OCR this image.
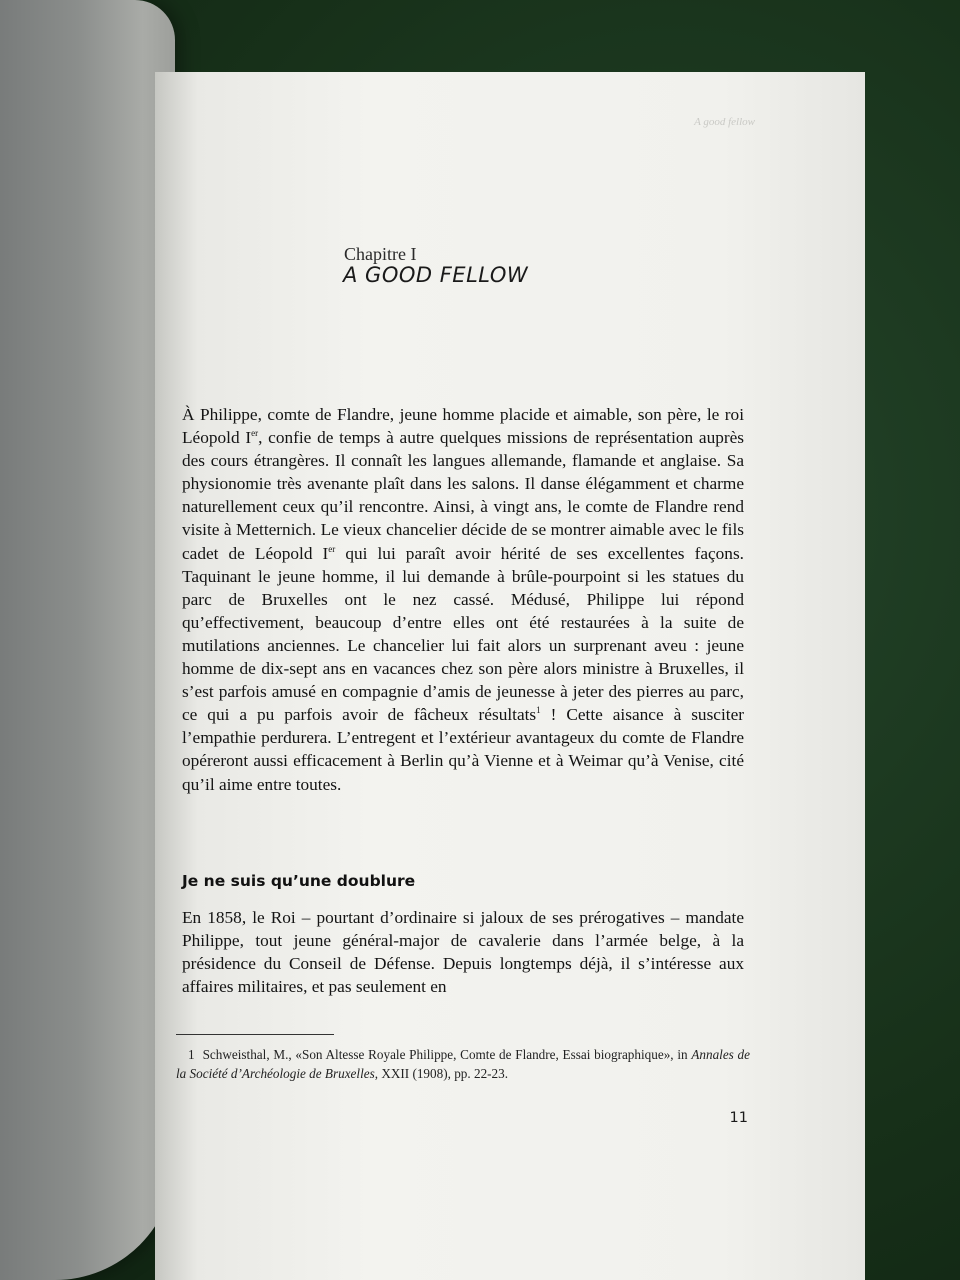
A good fellow
Chapitre I
A GOOD FELLOW

À Philippe, comte de Flandre, jeune homme placide et aimable, son père, le roi Léopold Ier, confie de temps à autre quelques missions de représentation auprès des cours étrangères. Il connaît les langues allemande, flamande et anglaise. Sa physionomie très avenante plaît dans les salons. Il danse élégamment et charme naturellement ceux qu’il rencontre. Ainsi, à vingt ans, le comte de Flandre rend visite à Metternich. Le vieux chancelier décide de se montrer aimable avec le fils cadet de Léopold Ier qui lui paraît avoir hérité de ses excellentes façons. Taquinant le jeune homme, il lui demande à brûle-pourpoint si les statues du parc de Bruxelles ont le nez cassé. Médusé, Philippe lui répond qu’effectivement, beaucoup d’entre elles ont été restaurées à la suite de mutilations anciennes. Le chancelier lui fait alors un surprenant aveu : jeune homme de dix-sept ans en vacances chez son père alors ministre à Bruxelles, il s’est parfois amusé en compagnie d’amis de jeunesse à jeter des pierres au parc, ce qui a pu parfois avoir de fâcheux résultats$^1$ ! Cette aisance à susciter l’empathie perdurera. L’entregent et l’extérieur avantageux du comte de Flandre opéreront aussi efficacement à Berlin qu’à Vienne et à Weimar qu’à Venise, cité qu’il aime entre toutes.

Je ne suis qu’une doublure

En 1858, le Roi – pourtant d’ordinaire si jaloux de ses prérogatives – mandate Philippe, tout jeune général-major de cavalerie dans l’armée belge, à la présidence du Conseil de Défense. Depuis longtemps déjà, il s’intéresse aux affaires militaires, et pas seulement en

1 Schweisthal, M., «Son Altesse Royale Philippe, Comte de Flandre, Essai biographique», in Annales de la Société d’Archéologie de Bruxelles, XXII (1908), pp. 22-23.

11
